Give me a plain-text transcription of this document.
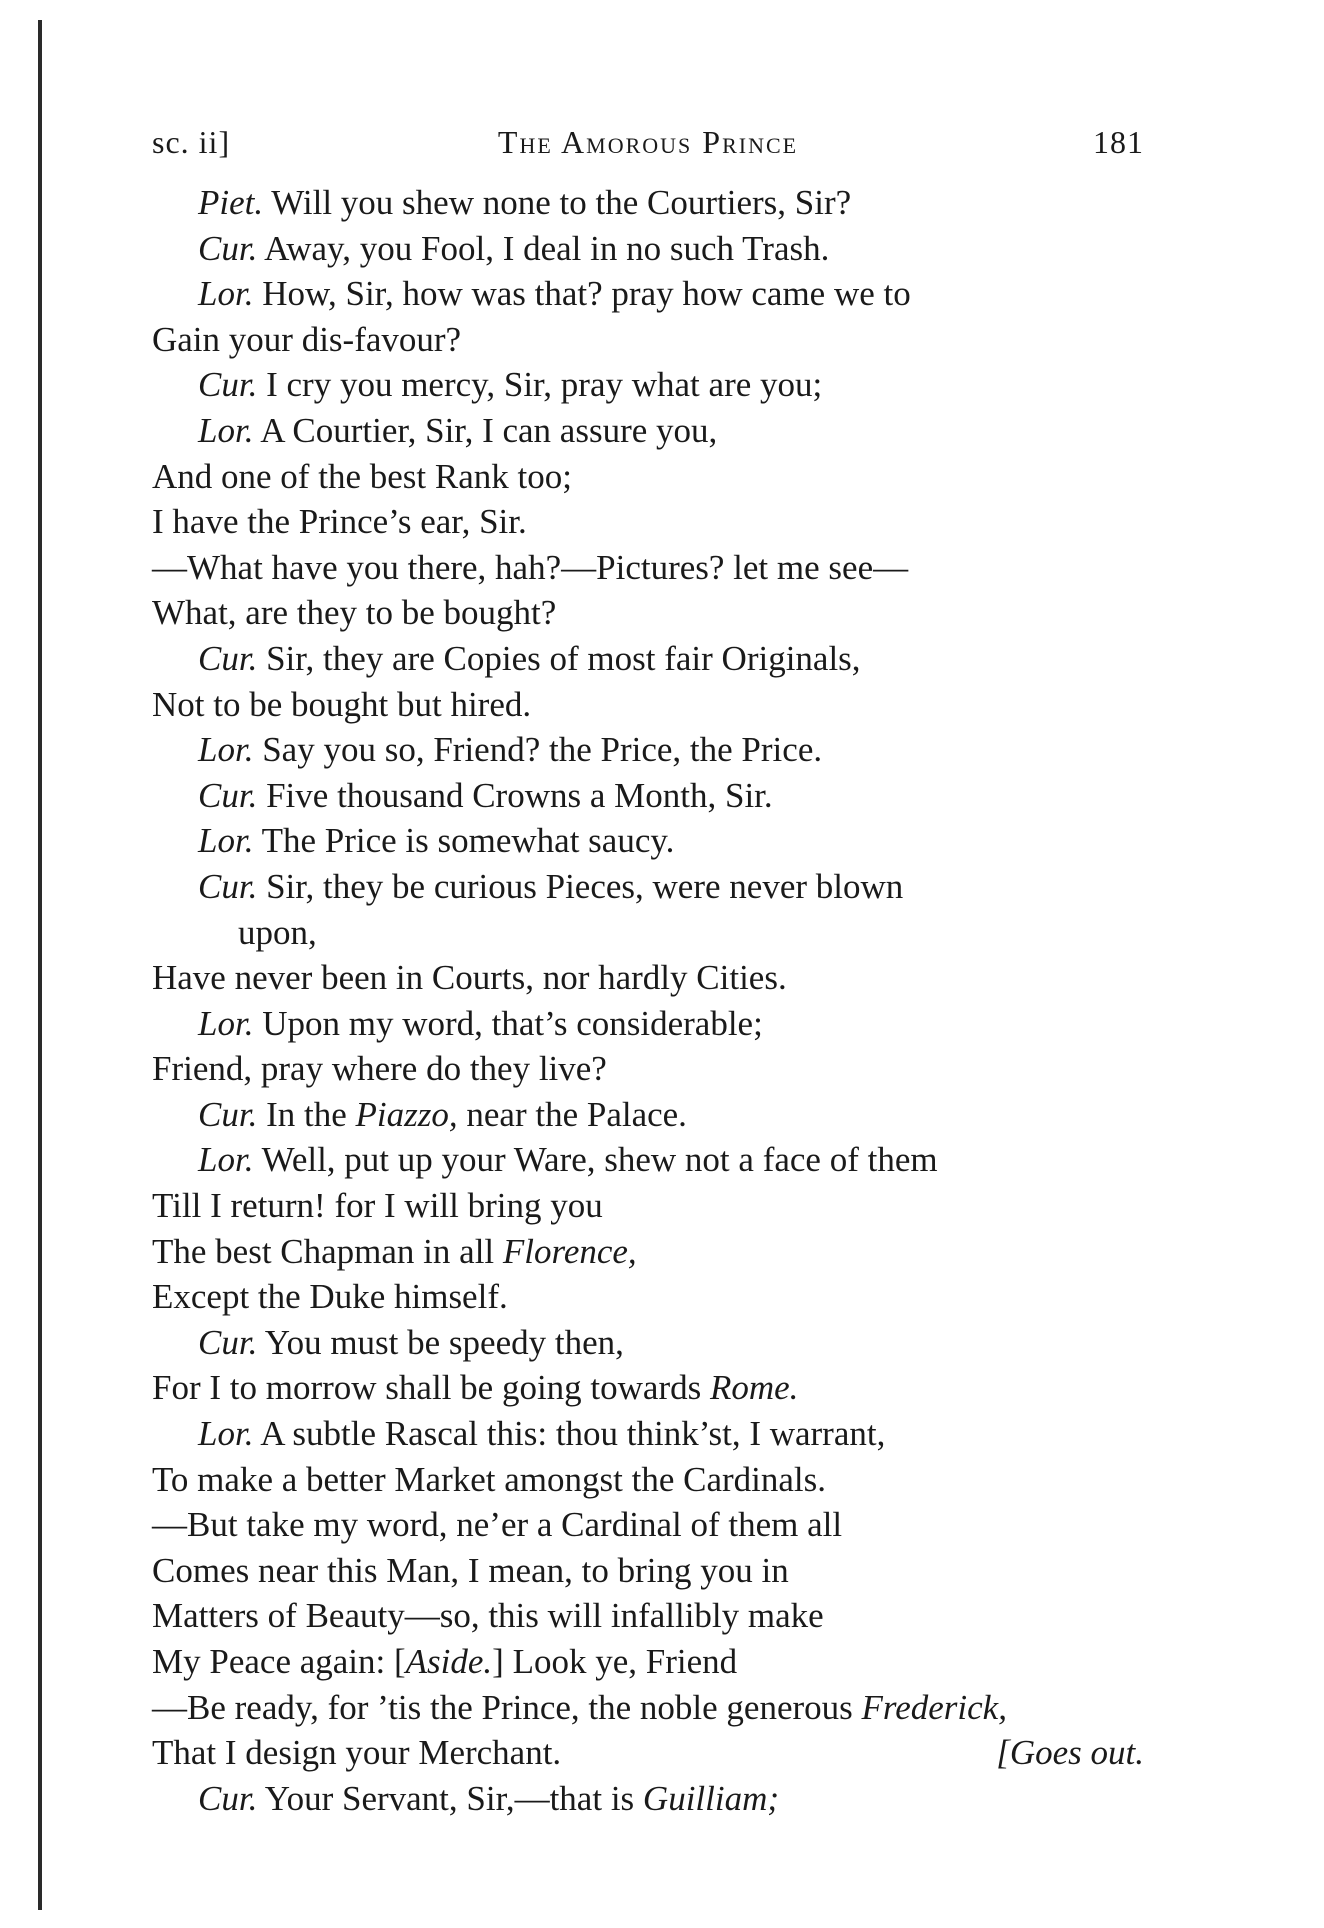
sc. ii]	The Amorous Prince	181
Piet. Will you shew none to the Courtiers, Sir?
Cur. Away, you Fool, I deal in no such Trash.
Lor. How, Sir, how was that? pray how came we to
Gain your dis-favour?
Cur. I cry you mercy, Sir, pray what are you;
Lor. A Courtier, Sir, I can assure you,
And one of the best Rank too;
I have the Prince’s ear, Sir.
—What have you there, hah?—Pictures? let me see—
What, are they to be bought?
Cur. Sir, they are Copies of most fair Originals,
Not to be bought but hired.
Lor. Say you so, Friend? the Price, the Price.
Cur. Five thousand Crowns a Month, Sir.
Lor. The Price is somewhat saucy.
Cur. Sir, they be curious Pieces, were never blown
upon,
Have never been in Courts, nor hardly Cities.
Lor. Upon my word, that’s considerable;
Friend, pray where do they live?
Cur. In the Piazzo, near the Palace.
Lor. Well, put up your Ware, shew not a face of them
Till I return! for I will bring you
The best Chapman in all Florence,
Except the Duke himself.
Cur. You must be speedy then,
For I to morrow shall be going towards Rome.
Lor. A subtle Rascal this: thou think’st, I warrant,
To make a better Market amongst the Cardinals.
—But take my word, ne’er a Cardinal of them all
Comes near this Man, I mean, to bring you in
Matters of Beauty—so, this will infallibly make
My Peace again: [Aside.] Look ye, Friend
—Be ready, for ’tis the Prince, the noble generous Frederick,
That I design your Merchant.	[Goes out.
Cur. Your Servant, Sir,—that is Guilliam;
